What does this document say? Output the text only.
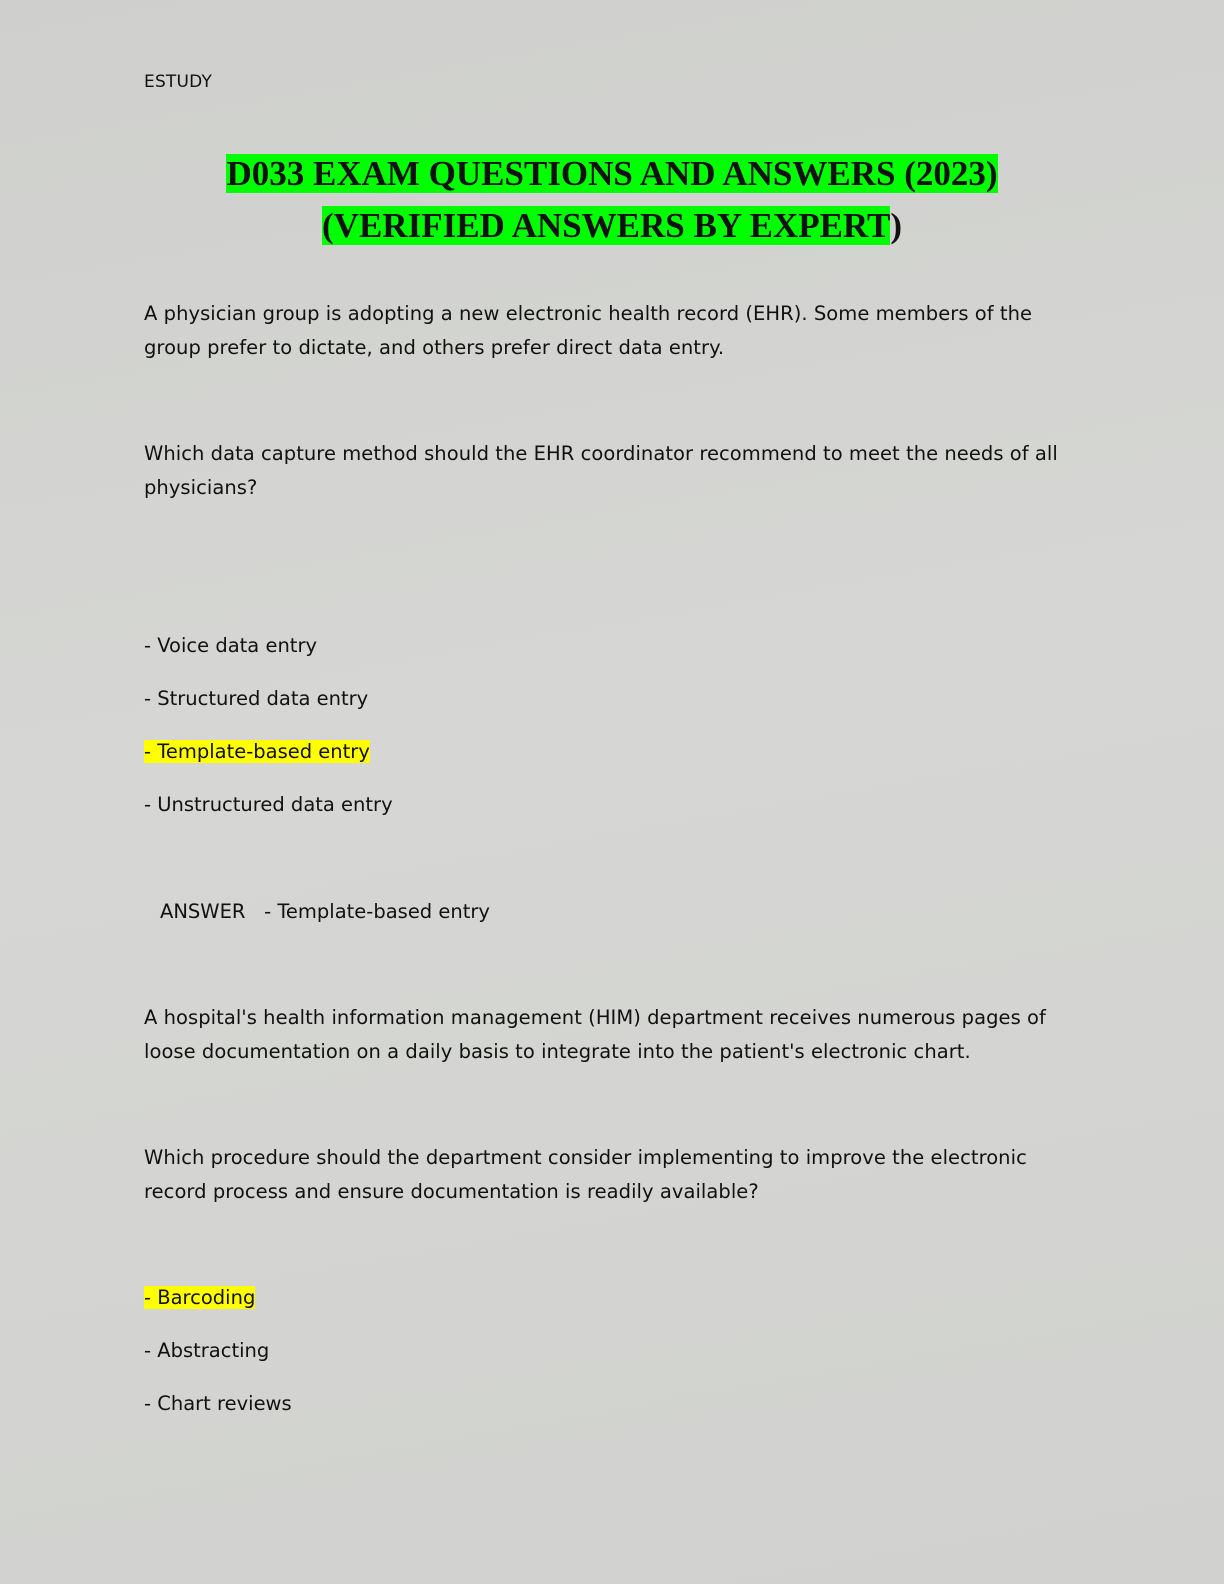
ESTUDY
D033 EXAM QUESTIONS AND ANSWERS (2023)
(VERIFIED ANSWERS BY EXPERT)
A physician group is adopting a new electronic health record (EHR). Some members of the group prefer to dictate, and others prefer direct data entry.
Which data capture method should the EHR coordinator recommend to meet the needs of all physicians?
- Voice data entry
- Structured data entry
- Template-based entry
- Unstructured data entry
ANSWER - Template-based entry
A hospital's health information management (HIM) department receives numerous pages of loose documentation on a daily basis to integrate into the patient's electronic chart.
Which procedure should the department consider implementing to improve the electronic record process and ensure documentation is readily available?
- Barcoding
- Abstracting
- Chart reviews
